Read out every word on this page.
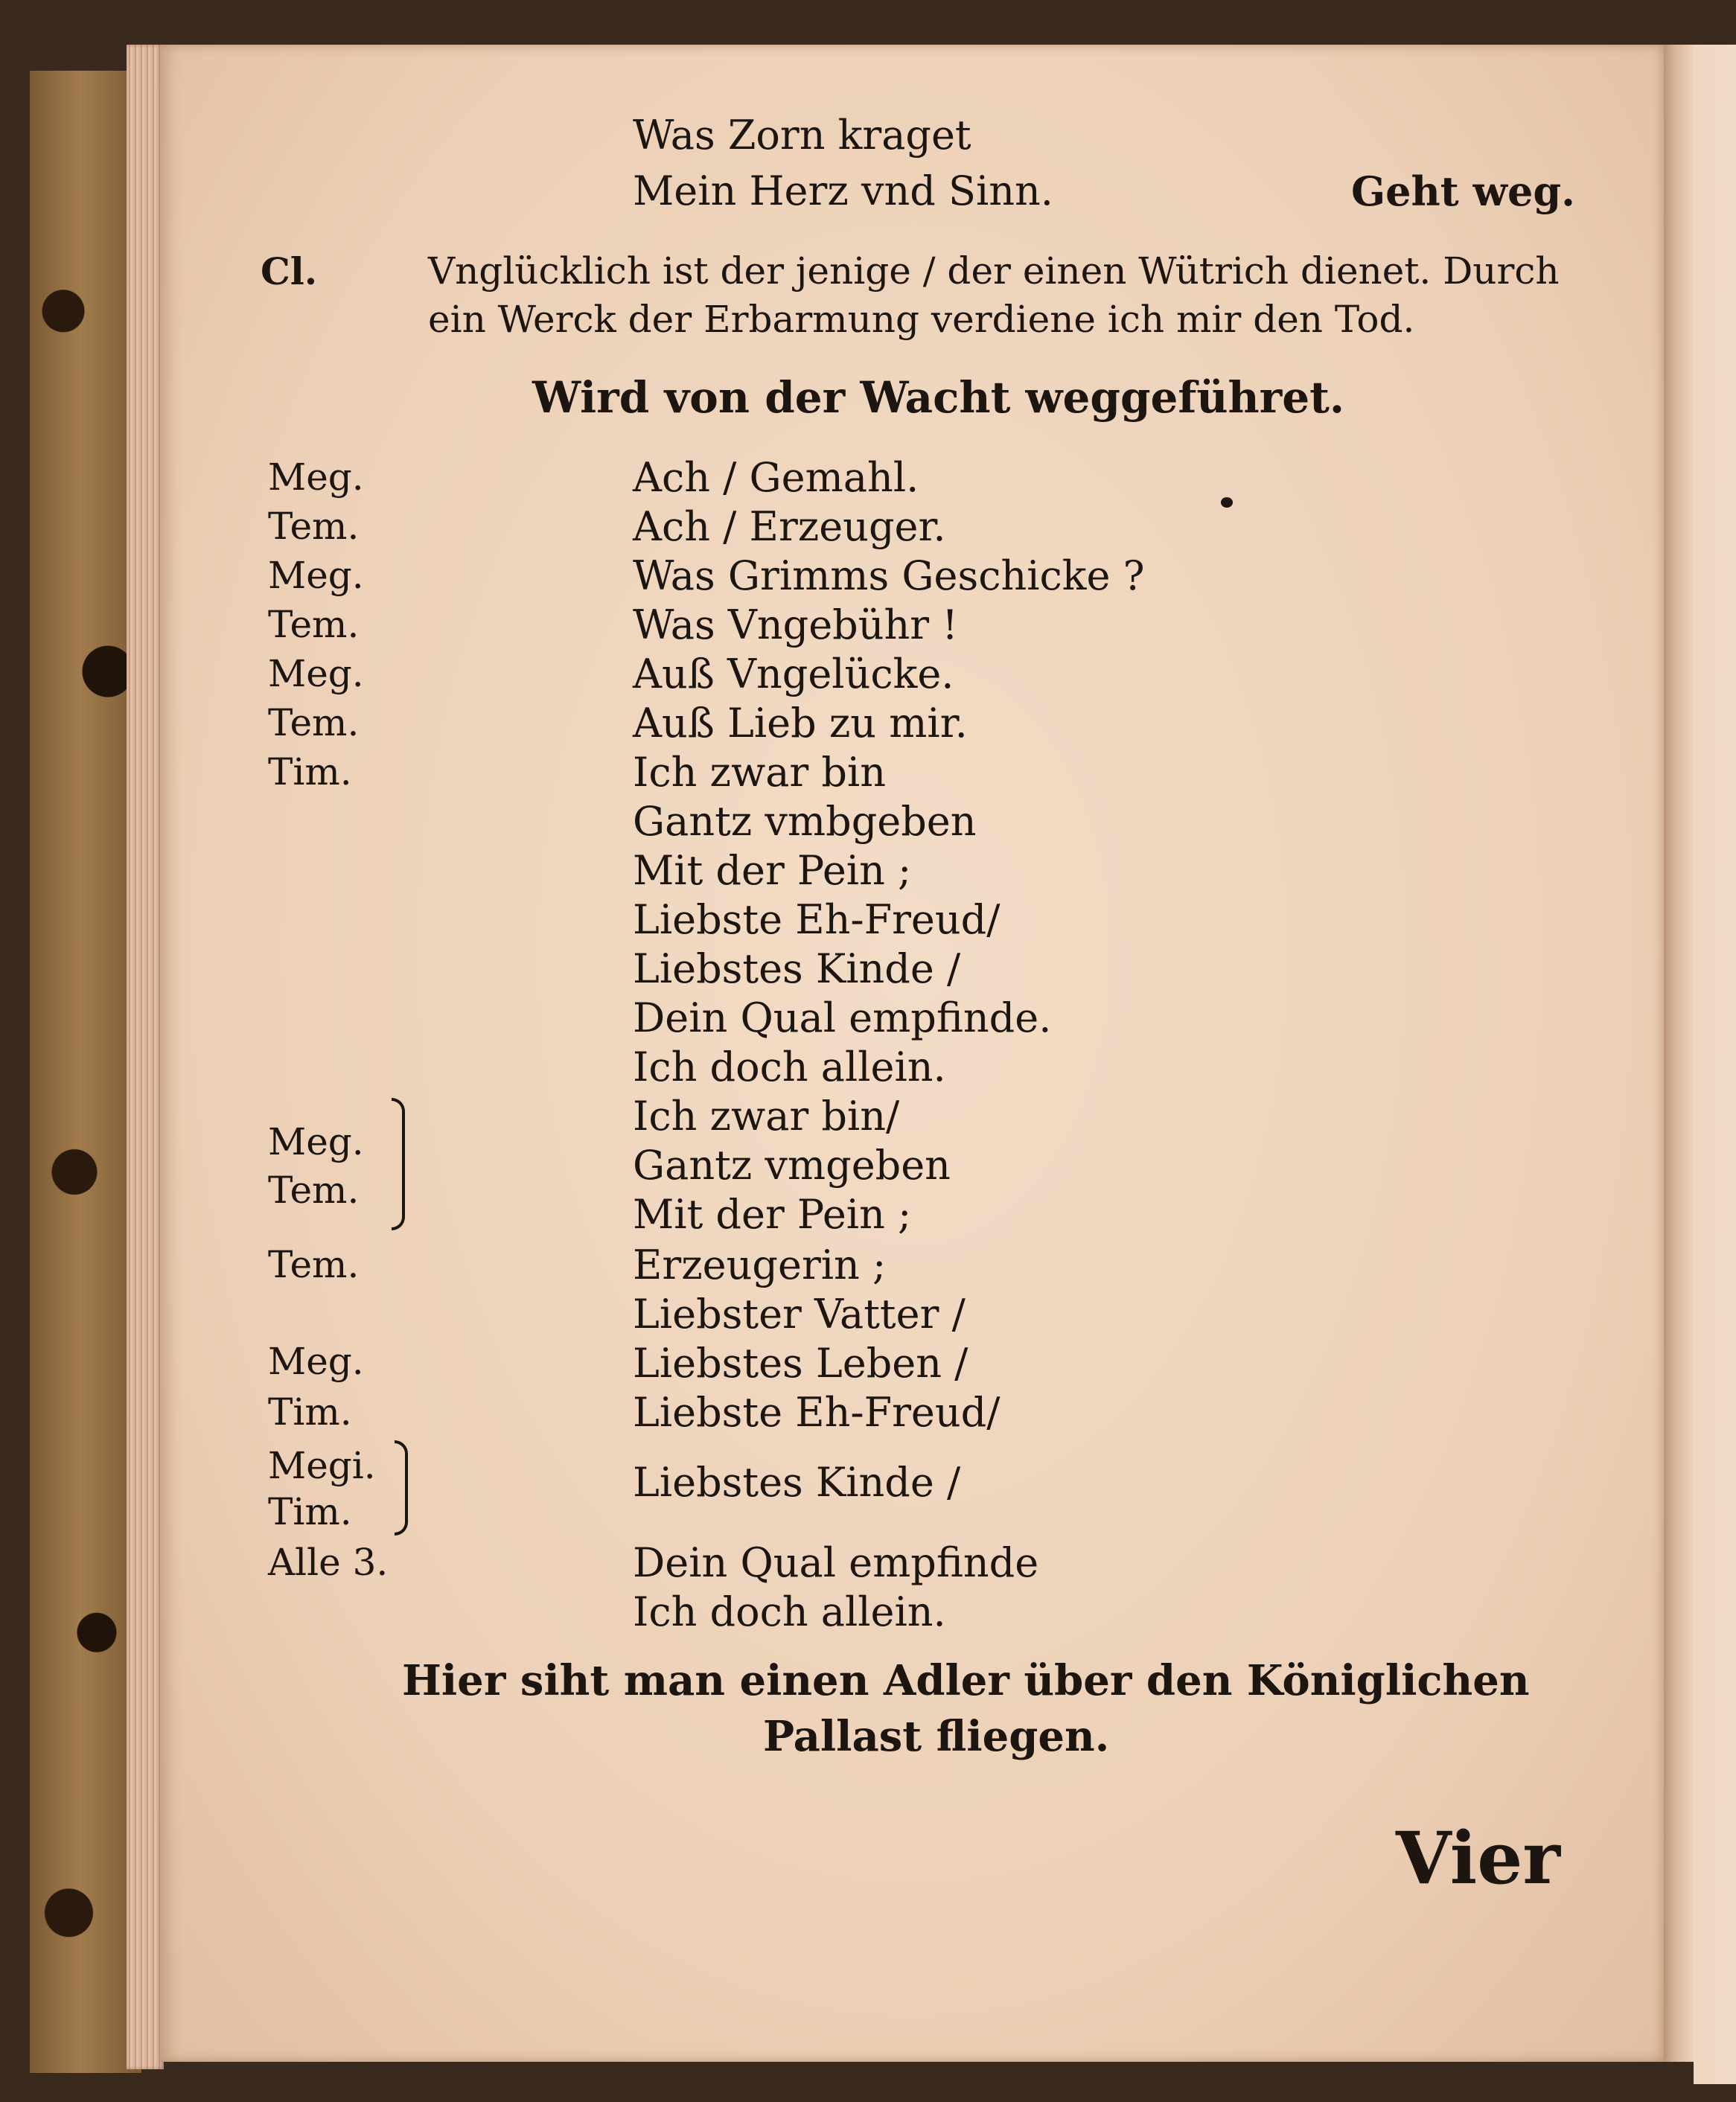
Was Zorn kraget

Mein Herz vnd Sinn.	Geht weg.

Cl.	Vnglücklich ist der jenige / der einen Wütrich dienet. Durch

ein Werck der Erbarmung verdiene ich mir den Tod.

Wird von der Wacht weggeführet.

Meg.

Tem.

Meg.

Tem.

Meg.

Tem.

Tim.

Meg.

Tem.

Tem.

Meg.

Tim.

Megi.

Tim.

Alle 3.

Ach / Gemahl.

Ach / Erzeuger.

Was Grimms Geschicke ?

Was Vngebühr !

Auß Vngelücke.

Auß Lieb zu mir.

Ich zwar bin

Gantz vmbgeben

Mit der Pein ;

Liebste Eh-Freud/

Liebstes Kinde /

Dein Qual empfinde.

Ich doch allein.

Ich zwar bin/

Gantz vmgeben

Mit der Pein ;

Erzeugerin ;

Liebster Vatter /

Liebstes Leben /

Liebste Eh-Freud/

Liebstes Kinde /

Dein Qual empfinde

Ich doch allein.

Hier siht man einen Adler über den Königlichen

Pallast fliegen.

Vier
